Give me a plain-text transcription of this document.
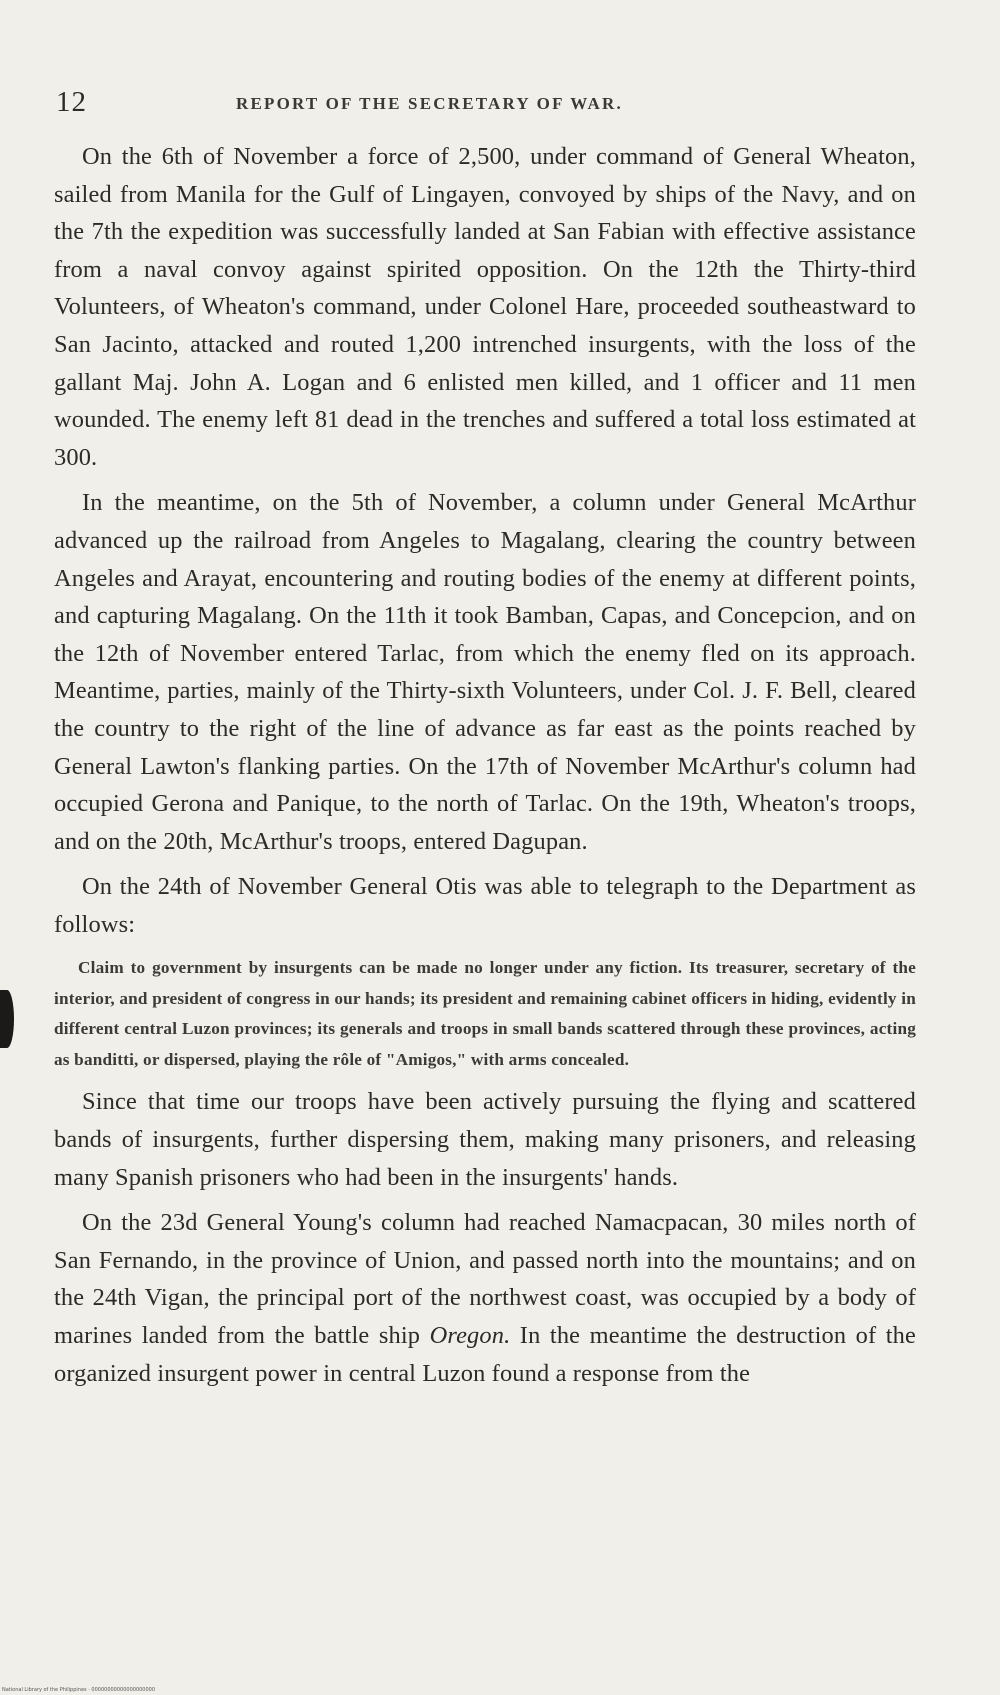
12	REPORT OF THE SECRETARY OF WAR.

On the 6th of November a force of 2,500, under command of General Wheaton, sailed from Manila for the Gulf of Lingayen, convoyed by ships of the Navy, and on the 7th the expedition was successfully landed at San Fabian with effective assistance from a naval convoy against spirited opposition. On the 12th the Thirty-third Volunteers, of Wheaton's command, under Colonel Hare, proceeded southeastward to San Jacinto, attacked and routed 1,200 intrenched insurgents, with the loss of the gallant Maj. John A. Logan and 6 enlisted men killed, and 1 officer and 11 men wounded. The enemy left 81 dead in the trenches and suffered a total loss estimated at 300.

In the meantime, on the 5th of November, a column under General McArthur advanced up the railroad from Angeles to Magalang, clearing the country between Angeles and Arayat, encountering and routing bodies of the enemy at different points, and capturing Magalang. On the 11th it took Bamban, Capas, and Concepcion, and on the 12th of November entered Tarlac, from which the enemy fled on its approach. Meantime, parties, mainly of the Thirty-sixth Volunteers, under Col. J. F. Bell, cleared the country to the right of the line of advance as far east as the points reached by General Lawton's flanking parties. On the 17th of November McArthur's column had occupied Gerona and Panique, to the north of Tarlac. On the 19th, Wheaton's troops, and on the 20th, McArthur's troops, entered Dagupan.

On the 24th of November General Otis was able to telegraph to the Department as follows:

Claim to government by insurgents can be made no longer under any fiction. Its treasurer, secretary of the interior, and president of congress in our hands; its president and remaining cabinet officers in hiding, evidently in different central Luzon provinces; its generals and troops in small bands scattered through these provinces, acting as banditti, or dispersed, playing the rôle of "Amigos," with arms concealed.

Since that time our troops have been actively pursuing the flying and scattered bands of insurgents, further dispersing them, making many prisoners, and releasing many Spanish prisoners who had been in the insurgents' hands.

On the 23d General Young's column had reached Namacpacan, 30 miles north of San Fernando, in the province of Union, and passed north into the mountains; and on the 24th Vigan, the principal port of the northwest coast, was occupied by a body of marines landed from the battle ship Oregon. In the meantime the destruction of the organized insurgent power in central Luzon found a response from the

National Library of the Philippines · 00000000000000000000
